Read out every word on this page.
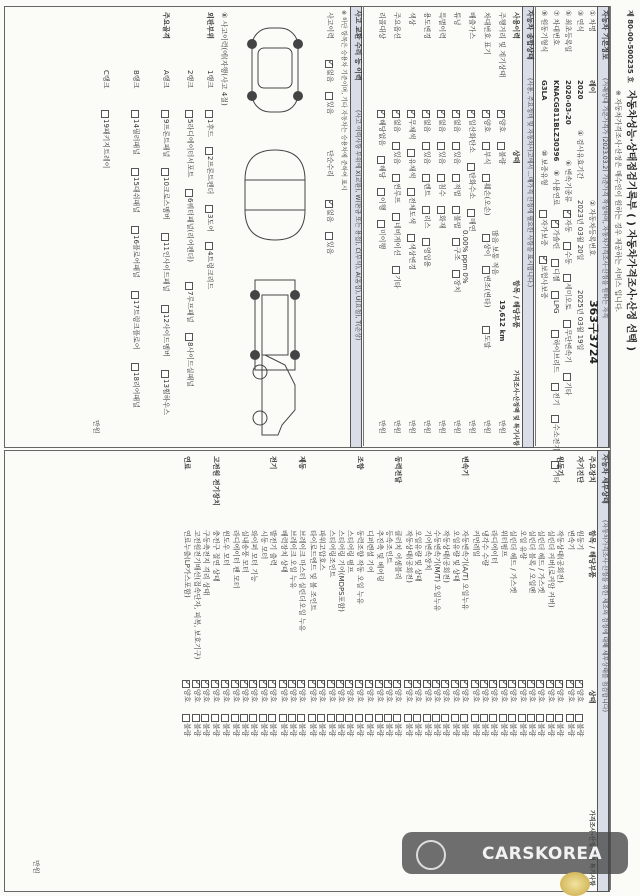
제 80-00-500235 호
자동차성능·상태점검기록부 ( ) 자동차가격조사·산정 선택 )
※ 자동차가격조사·산정은 매수인이 원하는 경우 제공하는 서비스 입니다.
자동차 기본정보
(거래상대 기본가격가 (2023.03.2) 기준가격 작성하며, 자동차가격조사·산정을 원하는 자격
① 차명
레이
② 자동차등록번호
363구3724
③ 연식
2020
④ 검사유효기간
2023년 03월 20일
2025년 03월 19일
⑤ 최초등록일
2020-03-20
⑥ 변속기종류
⑦ 차대번호
KNACG811BLZ30396
⑧ 사용연료
⑨ 원동기형식
G3LA
⑩ 보증유형
자동차 종합상태
(사용, 주요정비 및 자동차사고에서 ...매가격 산정에 필요한 사항을 표시합니다.)
사용이력
상태
항목 / 해당부품
가격조사·산정액 및 특기사항
19,612 km
사고 교환 수리 등 이력
(사고 이력사항 부위에 X(교환), W(판금 또는 용접), C(부식), A(흠집), U(요철), T(손상)
※ 하단 항목은 승용차 기준이며, 기타 자동차는 승용차에 준하여 표시
사고이력
단순수리
⑧ 사고이력(에(자행(사고 4절)
외판부위
1랭크
2랭크
주요골격
A랭크
B랭크
C랭크
자동차 세부상태
(자동차가격조사·산정을 위한 제조의 검정에 대해 세부상태를 점검합니다)
주요장치
항목 / 해당부품
상태
✓
자동
수동
세미오토
무단변속기
기타
✓
가솔린
디젤
LPG
하이브리드
전기
수소전기
기타
자가보증
✓
보험사보증
✓
없음
있음
✓
없음
있음
주행거리 및 계기상태
✓
양호
불량
많음 보통 적음
만원
차대번호 표기
✓
양호
부식
훼손(오손)
상이
변조(변타)
도말
만원
배출가스
✓
일산화탄소
탄화수소
매연
0.00% ppm 0%
만원
튜닝
✓
없음
있음
적법
불법
구조
장치
만원
특별이력
✓
없음
있음
침수
화재
만원
용도변경
✓
없음
있음
렌트
리스
영업용
만원
색상
✓
무채색
유채색
전체도색
색상변경
만원
주요옵션
✓
없음
있음
썬루프
네비게이션
기타
만원
리콜대상
✓
해당없음
해당
이행
미이행
만원
1후드
2프론트펜더
3도어
4트렁크리드
5라디에이터서포트
6쿼터패널(리어펜더)
7루프패널
8사이드실패널
9프론트패널
10크로스멤버
11인사이드패널
12사이드멤버
13휠하우스
14필러패널
15대쉬패널
16플로어패널
17트렁크플로어
18리어패널
19패키지트레이
만원
자기진단
원동기
✓
양호
불량
변속기
✓
양호
불량
원동기
작동상태(공회전)
✓
양호
불량
실린더 커버(로커암 커버)
✓
양호
불량
실린더 헤드 / 가스켓
✓
양호
불량
실린더 블록 / 오일팬
✓
양호
불량
오일 유량
✓
양호
불량
실린더 헤드 / 가스켓
✓
양호
불량
워터펌프
✓
양호
불량
라디에이터
✓
양호
불량
냉각수 수량
✓
양호
불량
커먼레일
✓
양호
불량
변속기
자동변속기(A/T) 오일누유
✓
양호
불량
오일유량 및 상태
✓
양호
불량
작동상태(공회전)
✓
양호
불량
수동변속기(M/T) 오일누유
✓
양호
불량
기어변속장치
✓
양호
불량
오일유량 및 상태
✓
양호
불량
작동상태(공회전)
✓
양호
불량
동력전달
클러치 어셈블리
✓
양호
불량
등속조인트
✓
양호
불량
추진축 및 베어링
✓
양호
불량
디퍼렌셜 기어
✓
양호
불량
조향
동력조향 작동 오일 누유
✓
양호
불량
스티어링 펌프
✓
양호
불량
스티어링 기어(MDPS포함)
✓
양호
불량
스티어링조인트
✓
양호
불량
파워고압호스
✓
양호
불량
타이로드엔드 및 볼 조인트
✓
양호
불량
제동
브레이크 마스터 실린더오일 누유
✓
양호
불량
브레이크 오일 누유
✓
양호
불량
배력장치 상태
✓
양호
불량
전기
발전기 출력
✓
양호
불량
시동 모터
✓
양호
불량
와이퍼 모터 기능
✓
양호
불량
실내송풍 모터
✓
양호
불량
라디에이터 팬 모터
✓
양호
불량
윈도우 모터
✓
양호
불량
고전원 전기장치
충전구 절연 상태
✓
양호
불량
구동축전지 격리 상태
✓
양호
불량
고전원전기배선(접속단자, 피복, 보호기구)
✓
양호
불량
연료
연료누출(LP가스포함)
✓
양호
불량
만원
CARSKOREA
